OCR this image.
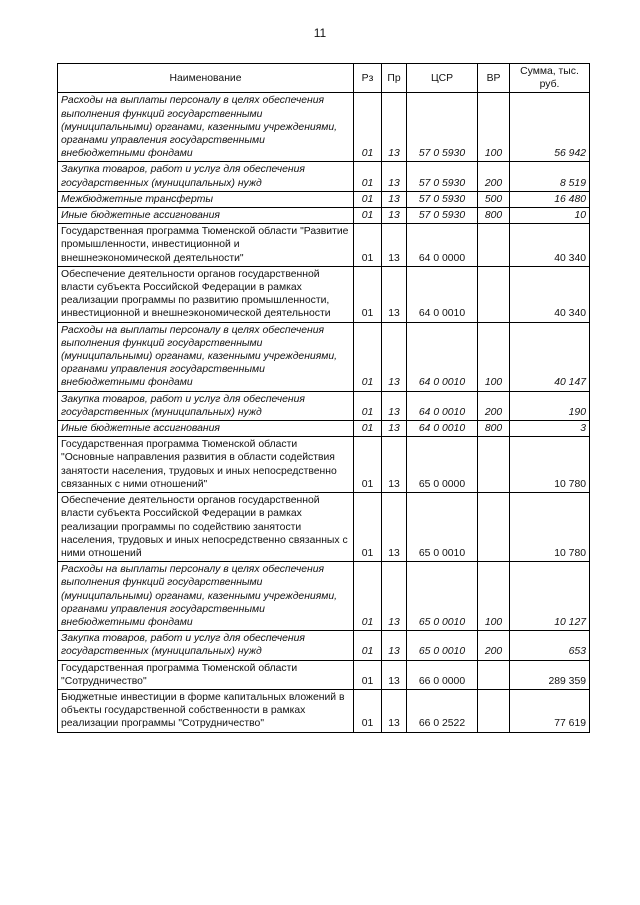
11
Наименование	Рз	Пр	ЦСР	ВР	Сумма, тыс. руб.
Расходы на выплаты персоналу в целях обеспечения выполнения функций государственными (муниципальными) органами, казенными учреждениями, органами управления государственными внебюджетными фондами	01	13	57 0 5930	100	56 942
Закупка товаров, работ и услуг для обеспечения государственных (муниципальных) нужд	01	13	57 0 5930	200	8 519
Межбюджетные трансферты	01	13	57 0 5930	500	16 480
Иные бюджетные ассигнования	01	13	57 0 5930	800	10
Государственная программа Тюменской области "Развитие промышленности, инвестиционной и внешнеэкономической деятельности"	01	13	64 0 0000		40 340
Обеспечение деятельности органов государственной власти субъекта Российской Федерации в рамках реализации программы по развитию промышленности, инвестиционной и внешнеэкономической деятельности	01	13	64 0 0010		40 340
Расходы на выплаты персоналу в целях обеспечения выполнения функций государственными (муниципальными) органами, казенными учреждениями, органами управления государственными внебюджетными фондами	01	13	64 0 0010	100	40 147
Закупка товаров, работ и услуг для обеспечения государственных (муниципальных) нужд	01	13	64 0 0010	200	190
Иные бюджетные ассигнования	01	13	64 0 0010	800	3
Государственная программа Тюменской области "Основные направления развития в области содействия занятости населения, трудовых и иных непосредственно связанных с ними отношений"	01	13	65 0 0000		10 780
Обеспечение деятельности органов государственной власти субъекта Российской Федерации в рамках реализации программы по содействию занятости населения, трудовых и иных непосредственно связанных с ними отношений	01	13	65 0 0010		10 780
Расходы на выплаты персоналу в целях обеспечения выполнения функций государственными (муниципальными) органами, казенными учреждениями, органами управления государственными внебюджетными фондами	01	13	65 0 0010	100	10 127
Закупка товаров, работ и услуг для обеспечения государственных (муниципальных) нужд	01	13	65 0 0010	200	653
Государственная программа Тюменской области "Сотрудничество"	01	13	66 0 0000		289 359
Бюджетные инвестиции в форме капитальных вложений в объекты государственной собственности в рамках реализации программы "Сотрудничество"	01	13	66 0 2522		77 619
